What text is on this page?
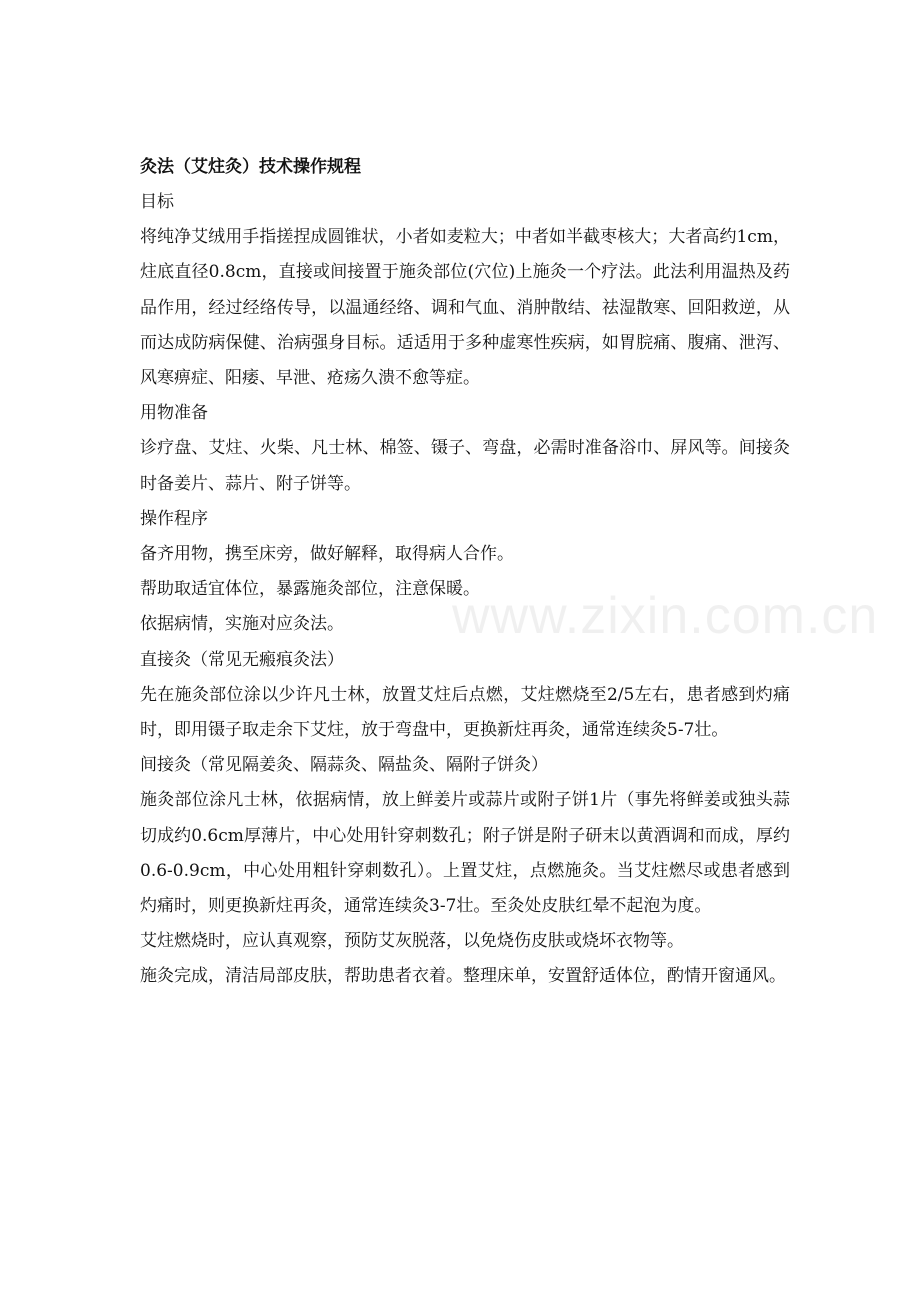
www.zixin.com.cn

灸法（艾炷灸）技术操作规程

目标

将纯净艾绒用手指搓捏成圆锥状，小者如麦粒大；中者如半截枣核大；大者高约1cm，炷底直径0.8cm，直接或间接置于施灸部位(穴位)上施灸一个疗法。此法利用温热及药品作用，经过经络传导，以温通经络、调和气血、消肿散结、祛湿散寒、回阳救逆，从而达成防病保健、治病强身目标。适适用于多种虚寒性疾病，如胃脘痛、腹痛、泄泻、风寒痹症、阳痿、早泄、疮疡久溃不愈等症。

用物准备

诊疗盘、艾炷、火柴、凡士林、棉签、镊子、弯盘，必需时准备浴巾、屏风等。间接灸时备姜片、蒜片、附子饼等。

操作程序

备齐用物，携至床旁，做好解释，取得病人合作。

帮助取适宜体位，暴露施灸部位，注意保暖。

依据病情，实施对应灸法。

直接灸（常见无瘢痕灸法）

先在施灸部位涂以少许凡士林，放置艾炷后点燃，艾炷燃烧至2/5左右，患者感到灼痛时，即用镊子取走余下艾炷，放于弯盘中，更换新炷再灸，通常连续灸5-7壮。

间接灸（常见隔姜灸、隔蒜灸、隔盐灸、隔附子饼灸）

施灸部位涂凡士林，依据病情，放上鲜姜片或蒜片或附子饼1片（事先将鲜姜或独头蒜切成约0.6cm厚薄片，中心处用针穿刺数孔；附子饼是附子研末以黄酒调和而成，厚约0.6-0.9cm，中心处用粗针穿刺数孔）。上置艾炷，点燃施灸。当艾炷燃尽或患者感到灼痛时，则更换新炷再灸，通常连续灸3-7壮。至灸处皮肤红晕不起泡为度。

艾炷燃烧时，应认真观察，预防艾灰脱落，以免烧伤皮肤或烧坏衣物等。

施灸完成，清洁局部皮肤，帮助患者衣着。整理床单，安置舒适体位，酌情开窗通风。
